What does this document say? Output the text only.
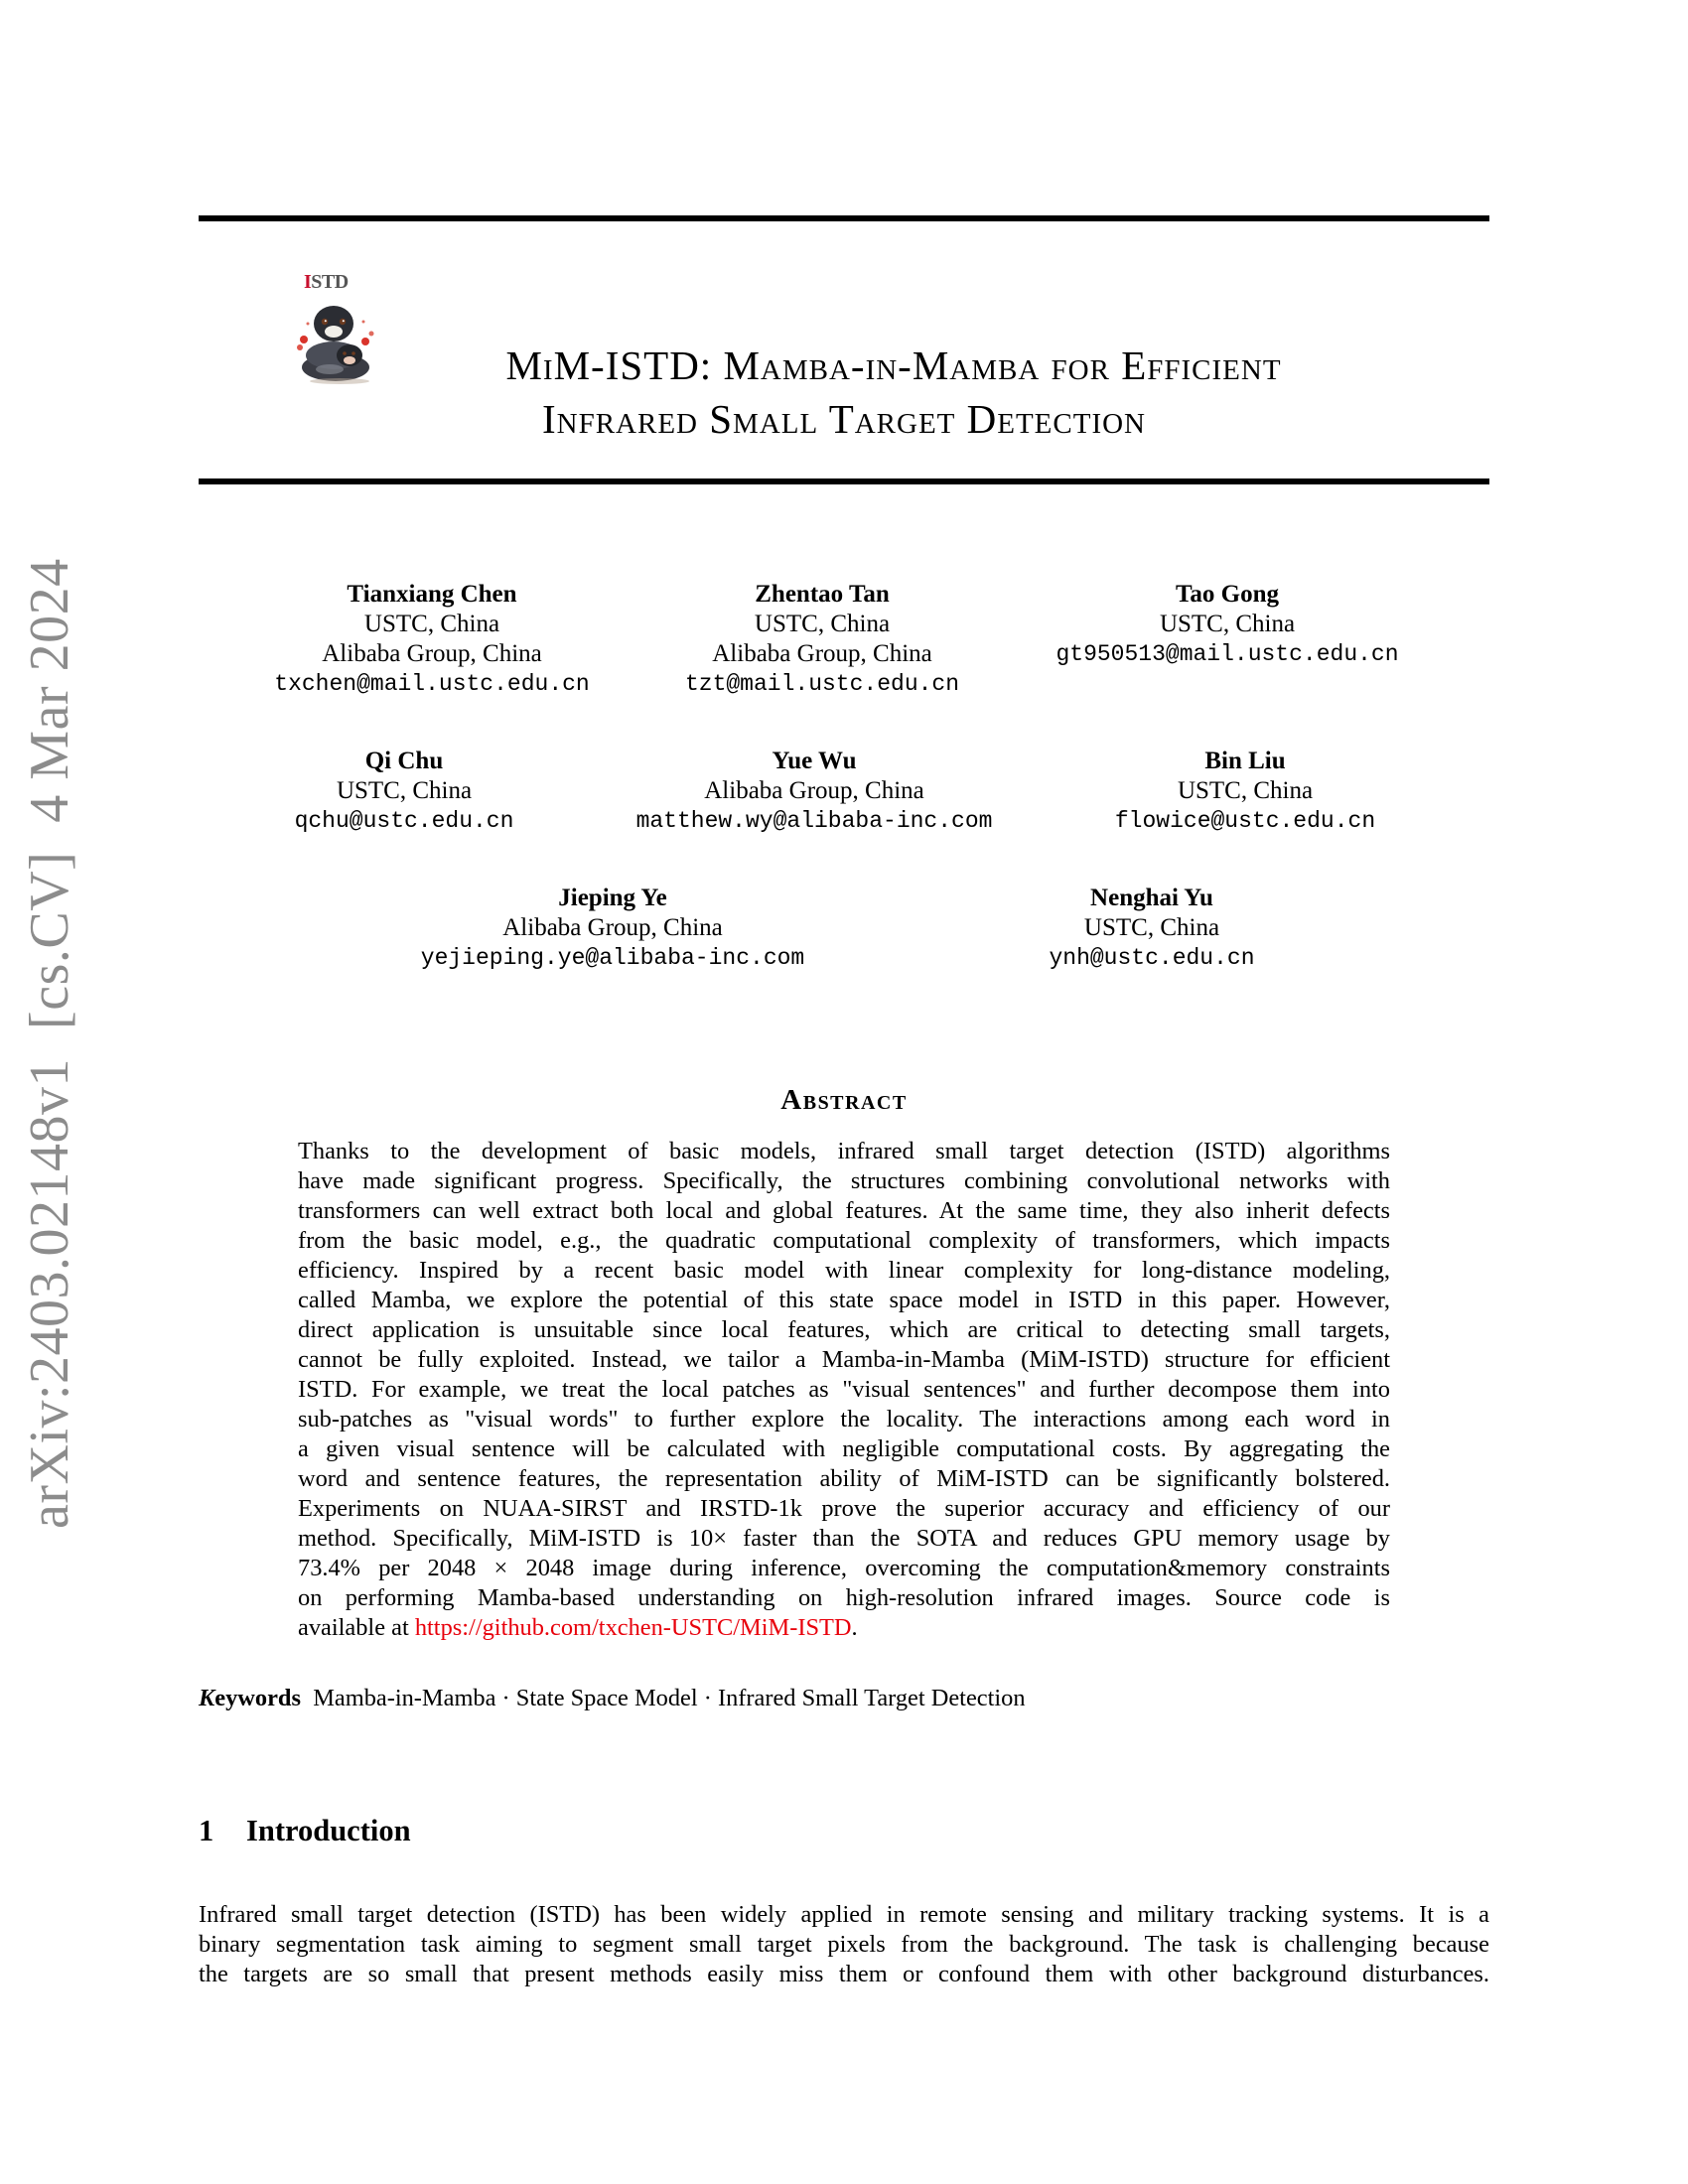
arXiv:2403.02148v1  [cs.CV]  4 Mar 2024
ISTD
MiM-ISTD: Mamba-in-Mamba for Efficient
Infrared Small Target Detection
Tianxiang Chen
USTC, China
Alibaba Group, China
txchen@mail.ustc.edu.cn
Zhentao Tan
USTC, China
Alibaba Group, China
tzt@mail.ustc.edu.cn
Tao Gong
USTC, China
gt950513@mail.ustc.edu.cn
Qi Chu
USTC, China
qchu@ustc.edu.cn
Yue Wu
Alibaba Group, China
matthew.wy@alibaba-inc.com
Bin Liu
USTC, China
flowice@ustc.edu.cn
Jieping Ye
Alibaba Group, China
yejieping.ye@alibaba-inc.com
Nenghai Yu
USTC, China
ynh@ustc.edu.cn
Abstract
Thanks to the development of basic models, infrared small target detection (ISTD) algorithms
have made significant progress. Specifically, the structures combining convolutional networks with
transformers can well extract both local and global features. At the same time, they also inherit defects
from the basic model, e.g., the quadratic computational complexity of transformers, which impacts
efficiency. Inspired by a recent basic model with linear complexity for long-distance modeling,
called Mamba, we explore the potential of this state space model in ISTD in this paper. However,
direct application is unsuitable since local features, which are critical to detecting small targets,
cannot be fully exploited. Instead, we tailor a Mamba-in-Mamba (MiM-ISTD) structure for efficient
ISTD. For example, we treat the local patches as "visual sentences" and further decompose them into
sub-patches as "visual words" to further explore the locality. The interactions among each word in
a given visual sentence will be calculated with negligible computational costs. By aggregating the
word and sentence features, the representation ability of MiM-ISTD can be significantly bolstered.
Experiments on NUAA-SIRST and IRSTD-1k prove the superior accuracy and efficiency of our
method. Specifically, MiM-ISTD is 10× faster than the SOTA and reduces GPU memory usage by
73.4% per 2048 × 2048 image during inference, overcoming the computation&memory constraints
on performing Mamba-based understanding on high-resolution infrared images. Source code is
available at https://github.com/txchen-USTC/MiM-ISTD.
Keywords Mamba-in-Mamba · State Space Model · Infrared Small Target Detection
1 Introduction
Infrared small target detection (ISTD) has been widely applied in remote sensing and military tracking systems. It is a
binary segmentation task aiming to segment small target pixels from the background. The task is challenging because
the targets are so small that present methods easily miss them or confound them with other background disturbances.
